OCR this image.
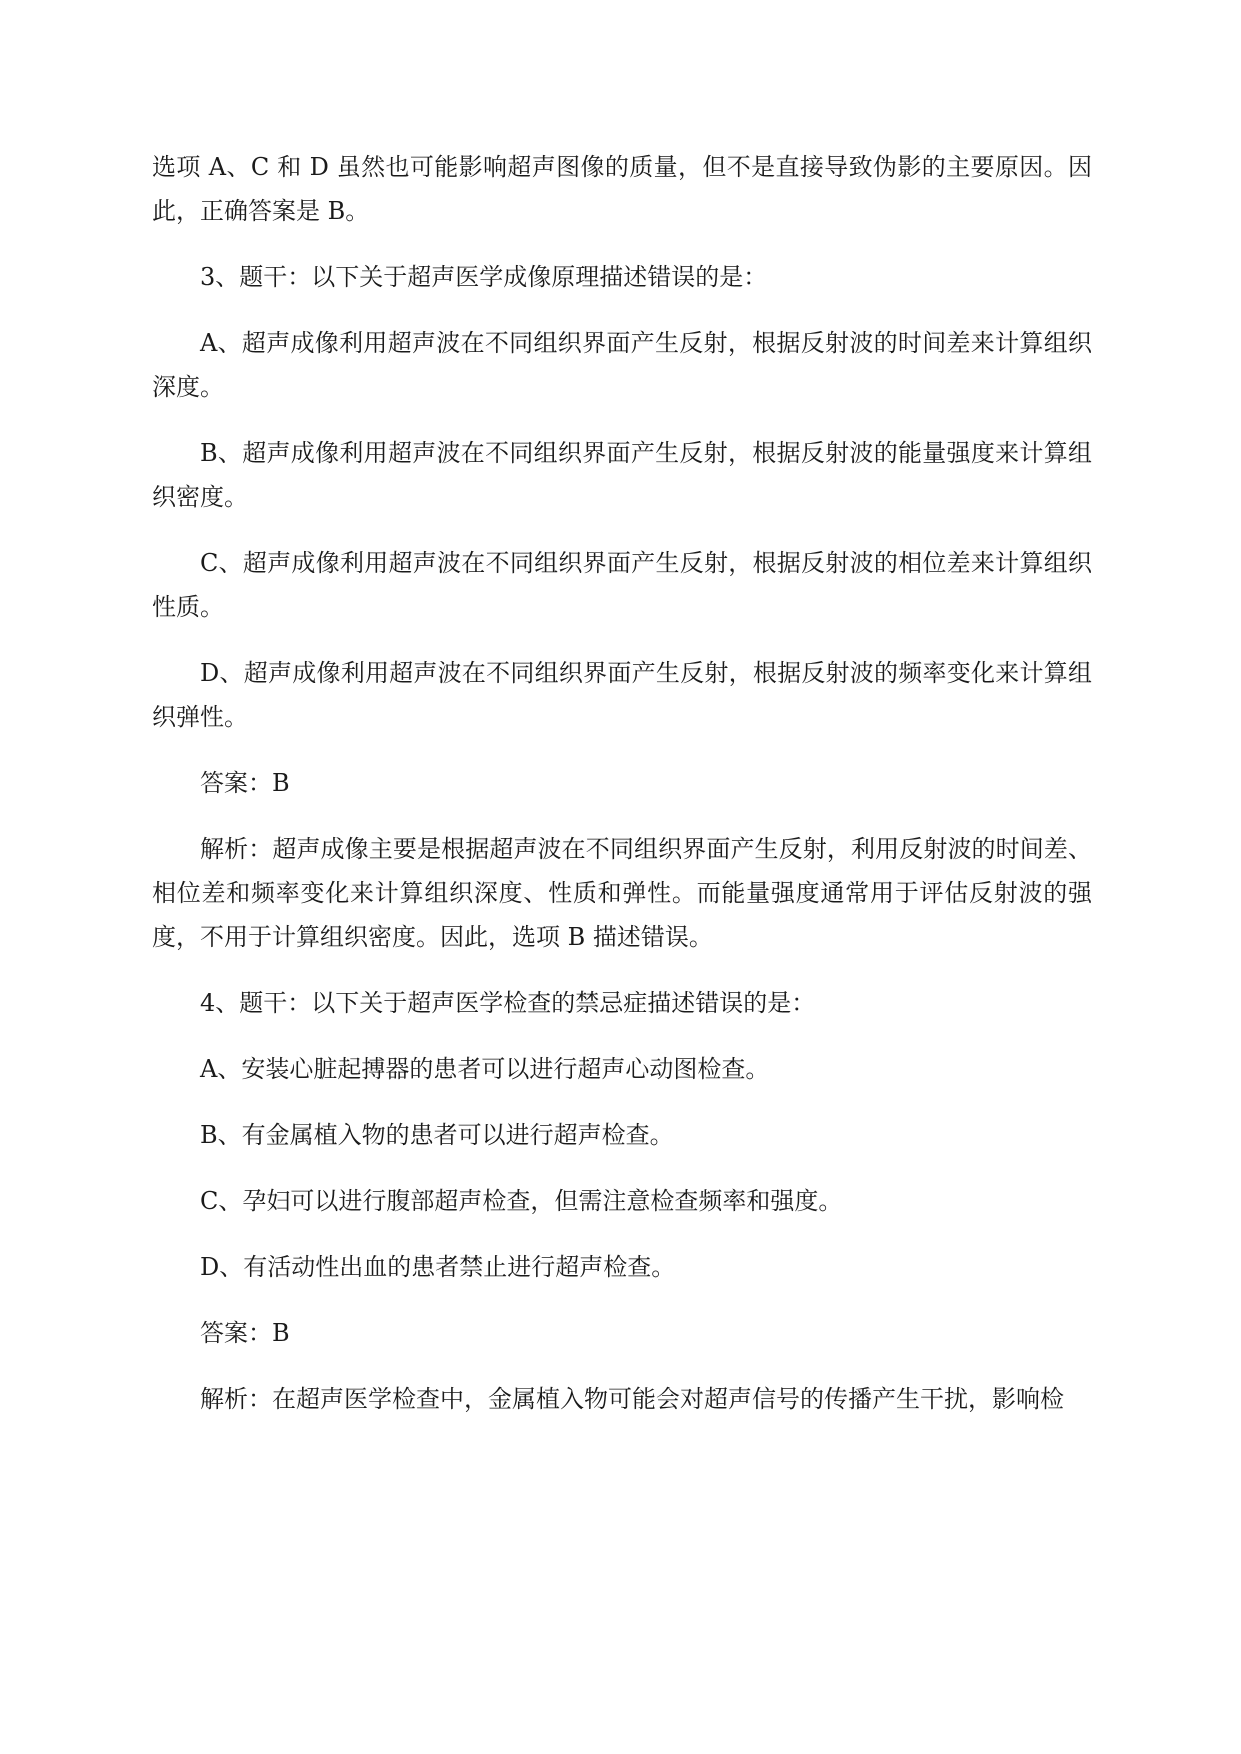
选项 A、C 和 D 虽然也可能影响超声图像的质量，但不是直接导致伪影的主要原因。因此，正确答案是 B。

3、题干：以下关于超声医学成像原理描述错误的是：

A、超声成像利用超声波在不同组织界面产生反射，根据反射波的时间差来计算组织深度。

B、超声成像利用超声波在不同组织界面产生反射，根据反射波的能量强度来计算组织密度。

C、超声成像利用超声波在不同组织界面产生反射，根据反射波的相位差来计算组织性质。

D、超声成像利用超声波在不同组织界面产生反射，根据反射波的频率变化来计算组织弹性。

答案：B

解析：超声成像主要是根据超声波在不同组织界面产生反射，利用反射波的时间差、相位差和频率变化来计算组织深度、性质和弹性。而能量强度通常用于评估反射波的强度，不用于计算组织密度。因此，选项 B 描述错误。

4、题干：以下关于超声医学检查的禁忌症描述错误的是：

A、安装心脏起搏器的患者可以进行超声心动图检查。

B、有金属植入物的患者可以进行超声检查。

C、孕妇可以进行腹部超声检查，但需注意检查频率和强度。

D、有活动性出血的患者禁止进行超声检查。

答案：B

解析：在超声医学检查中，金属植入物可能会对超声信号的传播产生干扰，影响检
